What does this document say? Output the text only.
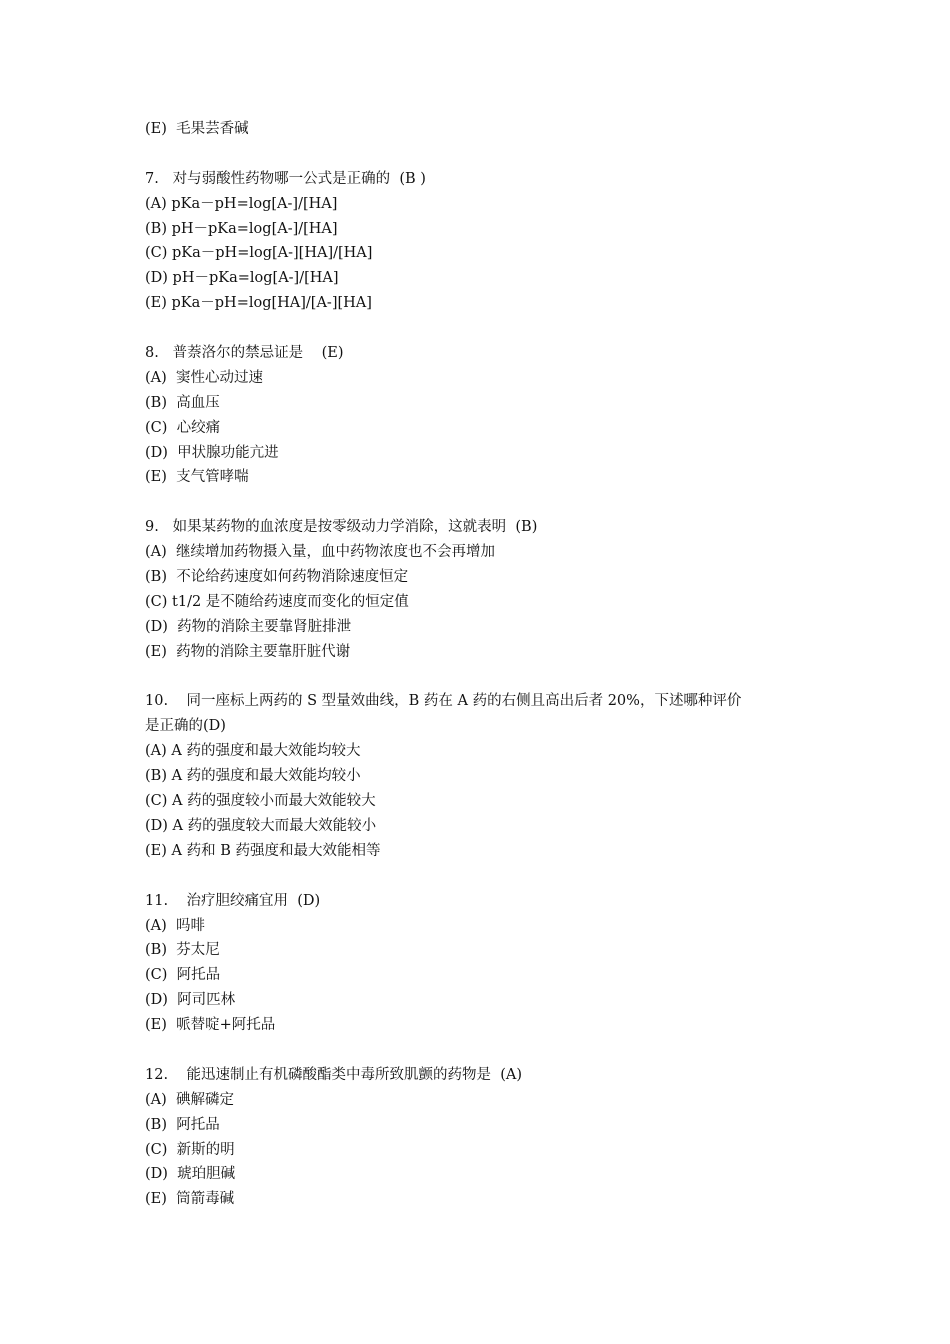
(E)  毛果芸香碱
7.   对与弱酸性药物哪一公式是正确的  (B )
(A) pKa－pH=log[A-]/[HA]
(B) pH－pKa=log[A-]/[HA]
(C) pKa－pH=log[A-][HA]/[HA]
(D) pH－pKa=log[A-]/[HA]
(E) pKa－pH=log[HA]/[A-][HA]
8.   普萘洛尔的禁忌证是    (E)
(A)  窦性心动过速
(B)  高血压
(C)  心绞痛
(D)  甲状腺功能亢进
(E)  支气管哮喘
9.   如果某药物的血浓度是按零级动力学消除，这就表明  (B)
(A)  继续增加药物摄入量，血中药物浓度也不会再增加
(B)  不论给药速度如何药物消除速度恒定
(C) t1/2 是不随给药速度而变化的恒定值
(D)  药物的消除主要靠肾脏排泄
(E)  药物的消除主要靠肝脏代谢
10.    同一座标上两药的 S 型量效曲线，B 药在 A 药的右侧且高出后者 20%，下述哪种评价
是正确的(D)
(A) A 药的强度和最大效能均较大
(B) A 药的强度和最大效能均较小
(C) A 药的强度较小而最大效能较大
(D) A 药的强度较大而最大效能较小
(E) A 药和 B 药强度和最大效能相等
11.    治疗胆绞痛宜用  (D)
(A)  吗啡
(B)  芬太尼
(C)  阿托品
(D)  阿司匹林
(E)  哌替啶+阿托品
12.    能迅速制止有机磷酸酯类中毒所致肌颤的药物是  (A)
(A)  碘解磷定
(B)  阿托品
(C)  新斯的明
(D)  琥珀胆碱
(E)  筒箭毒碱
